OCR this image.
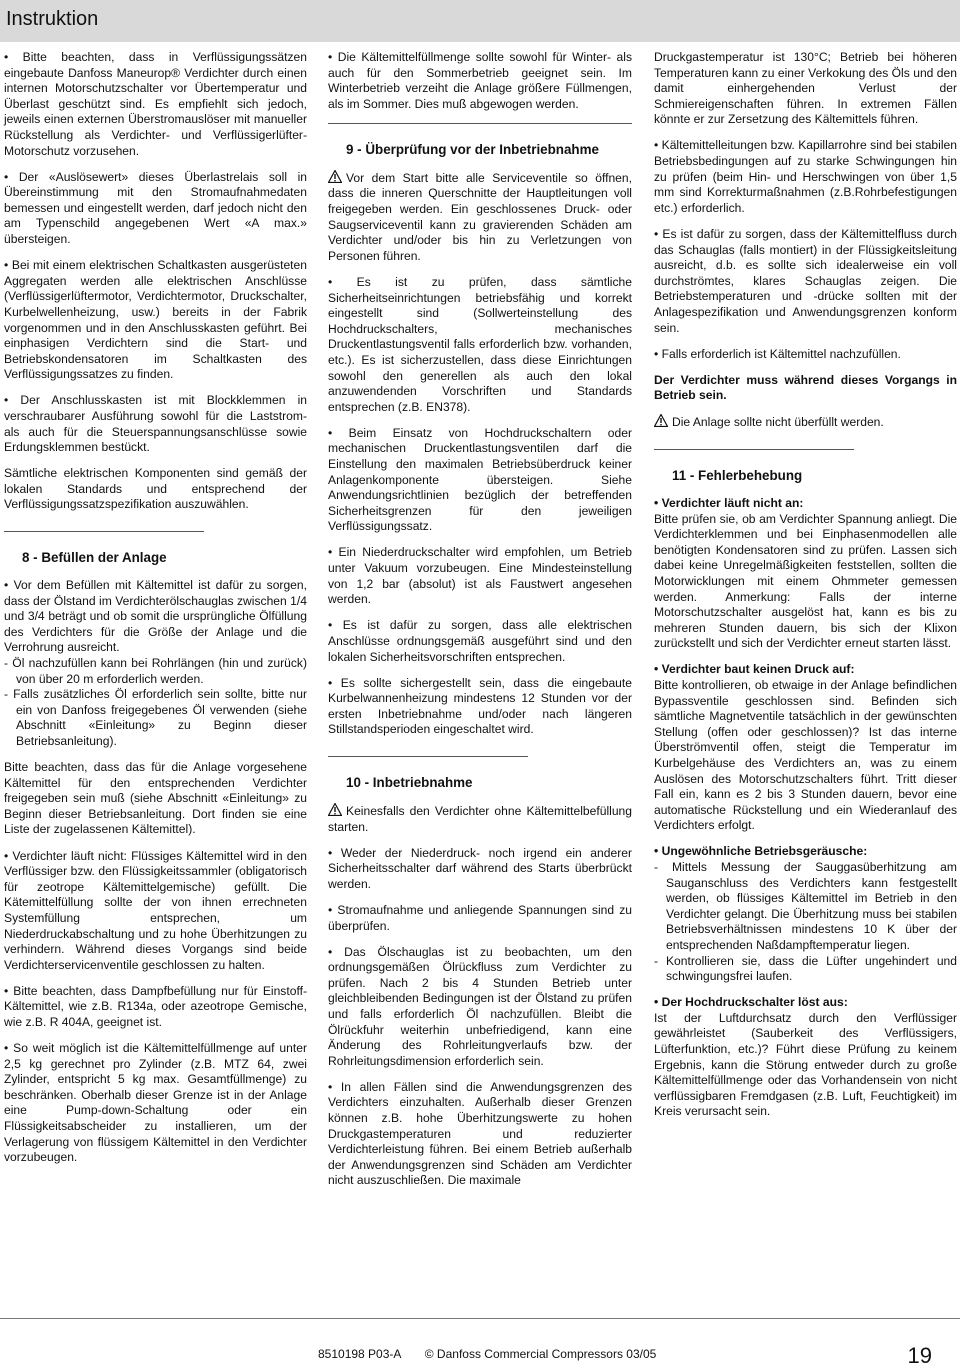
Instruktion

• Bitte beachten, dass in Verflüssigungssätzen eingebaute Danfoss Maneurop® Verdichter durch einen internen Motorschutzschalter vor Übertemperatur und Überlast geschützt sind. Es empfiehlt sich jedoch, jeweils einen externen Überstromauslöser mit manueller Rückstellung als Verdichter- und Verflüssigerlüfter-Motorschutz vorzusehen.

• Der «Auslösewert» dieses Überlastrelais soll in Übereinstimmung mit den Stromaufnahmedaten bemessen und eingestellt werden, darf jedoch nicht den am Typenschild angegebenen Wert «A max.» übersteigen.

• Bei mit einem elektrischen Schaltkasten ausgerüsteten Aggregaten werden alle elektrischen Anschlüsse (Verflüssigerlüftermotor, Verdichtermotor, Druckschalter, Kurbelwellenheizung, usw.) bereits in der Fabrik vorgenommen und in den Anschlusskasten geführt. Bei einphasigen Verdichtern sind die Start- und Betriebskondensatoren im Schaltkasten des Verflüssigungssatzes zu finden.

• Der Anschlusskasten ist mit Blockklemmen in verschraubarer Ausführung sowohl für die Laststrom- als auch für die Steuerspannungsanschlüsse sowie Erdungsklemmen bestückt.

Sämtliche elektrischen Komponenten sind gemäß der lokalen Standards und entsprechend der Verflüssigungssatzspezifikation auszuwählen.

8 - Befüllen der Anlage

• Vor dem Befüllen mit Kältemittel ist dafür zu sorgen, dass der Ölstand im Verdichterölschauglas zwischen 1/4 und 3/4 beträgt und ob somit die ursprüngliche Ölfüllung des Verdichters für die Größe der Anlage und die Verrohrung ausreicht.

- Öl nachzufüllen kann bei Rohrlängen (hin und zurück) von über 20 m erforderlich werden.

- Falls zusätzliches Öl erforderlich sein sollte, bitte nur ein von Danfoss freigegebenes Öl verwenden (siehe Abschnitt «Einleitung» zu Beginn dieser Betriebsanleitung).

Bitte beachten, dass das für die Anlage vorgesehene Kältemittel für den entsprechenden Verdichter freigegeben sein muß (siehe Abschnitt «Einleitung» zu Beginn dieser Betriebsanleitung. Dort finden sie eine Liste der zugelassenen Kältemittel).

• Verdichter läuft nicht: Flüssiges Kältemittel wird in den Verflüssiger bzw. den Flüssigkeitssammler (obligatorisch für zeotrope Kältemittelgemische) gefüllt. Die Kätemittelfüllung sollte der von ihnen errechneten Systemfüllung entsprechen, um Niederdruckabschaltung und zu hohe Überhitzungen zu verhindern. Während dieses Vorgangs sind beide Verdichterservicenventile geschlossen zu halten.

• Bitte beachten, dass Dampfbefüllung nur für Einstoff-Kältemittel, wie z.B. R134a, oder azeotrope Gemische, wie z.B. R 404A, geeignet ist.

• So weit möglich ist die Kältemittelfüllmenge auf unter 2,5 kg gerechnet pro Zylinder (z.B. MTZ 64, zwei Zylinder, entspricht 5 kg max. Gesamtfüllmenge) zu beschränken. Oberhalb dieser Grenze ist in der Anlage eine Pump-down-Schaltung oder ein Flüssigkeitsabscheider zu installieren, um der Verlagerung von flüssigem Kältemittel in den Verdichter vorzubeugen.

• Die Kältemittelfüllmenge sollte sowohl für Winter- als auch für den Sommerbetrieb geeignet sein. Im Winterbetrieb verzeiht die Anlage größere Füllmengen, als im Sommer. Dies muß abgewogen werden.

9 - Überprüfung vor der Inbetriebnahme

Vor dem Start bitte alle Serviceventile so öffnen, dass die inneren Querschnitte der Hauptleitungen voll freigegeben werden. Ein geschlossenes Druck- oder Saugserviceventil kann zu gravierenden Schäden am Verdichter und/oder bis hin zu Verletzungen von Personen führen.

• Es ist zu prüfen, dass sämtliche Sicherheitseinrichtungen betriebsfähig und korrekt eingestellt sind (Sollwerteinstellung des Hochdruckschalters, mechanisches Druckentlastungsventil falls erforderlich bzw. vorhanden, etc.). Es ist sicherzustellen, dass diese Einrichtungen sowohl den generellen als auch den lokal anzuwendenden Vorschriften und Standards entsprechen (z.B. EN378).

• Beim Einsatz von Hochdruckschaltern oder mechanischen Druckentlastungsventilen darf die Einstellung den maximalen Betriebsüberdruck keiner Anlagenkomponente übersteigen. Siehe Anwendungsrichtlinien bezüglich der betreffenden Sicherheitsgrenzen für den jeweiligen Verflüssigungssatz.

• Ein Niederdruckschalter wird empfohlen, um Betrieb unter Vakuum vorzubeugen. Eine Mindesteinstellung von 1,2 bar (absolut) ist als Faustwert angesehen werden.

• Es ist dafür zu sorgen, dass alle elektrischen Anschlüsse ordnungsgemäß ausgeführt sind und den lokalen Sicherheitsvorschriften entsprechen.

• Es sollte sichergestellt sein, dass die eingebaute Kurbelwannenheizung mindestens 12 Stunden vor der ersten Inbetriebnahme und/oder nach längeren Stillstandsperioden eingeschaltet wird.

10 - Inbetriebnahme

Keinesfalls den Verdichter ohne Kältemittelbefüllung starten.

• Weder der Niederdruck- noch irgend ein anderer Sicherheitsschalter darf während des Starts überbrückt werden.

• Stromaufnahme und anliegende Spannungen sind zu überprüfen.

• Das Ölschauglas ist zu beobachten, um den ordnungsgemäßen Ölrückfluss zum Verdichter zu prüfen. Nach 2 bis 4 Stunden Betrieb unter gleichbleibenden Bedingungen ist der Ölstand zu prüfen und falls erforderlich Öl nachzufüllen. Bleibt die Ölrückfuhr weiterhin unbefriedigend, kann eine Änderung des Rohrleitungverlaufs bzw. der Rohrleitungsdimension erforderlich sein.

• In allen Fällen sind die Anwendungsgrenzen des Verdichters einzuhalten. Außerhalb dieser Grenzen können z.B. hohe Überhitzungswerte zu hohen Druckgastemperaturen und reduzierter Verdichterleistung führen. Bei einem Betrieb außerhalb der Anwendungsgrenzen sind Schäden am Verdichter nicht auszuschließen. Die maximale

Druckgastemperatur ist 130°C; Betrieb bei höheren Temperaturen kann zu einer Verkokung des Öls und den damit einhergehenden Verlust der Schmiereigenschaften führen. In extremen Fällen könnte er zur Zersetzung des Kältemittels führen.

• Kältemittelleitungen bzw. Kapillarrohre sind bei stabilen Betriebsbedingungen auf zu starke Schwingungen hin zu prüfen (beim Hin- und Herschwingen von über 1,5 mm sind Korrekturmaßnahmen (z.B.Rohrbefestigungen etc.) erforderlich.

• Es ist dafür zu sorgen, dass der Kältemittelfluss durch das Schauglas (falls montiert) in der Flüssigkeitsleitung ausreicht, d.b. es sollte sich idealerweise ein voll durchströmtes, klares Schauglas zeigen. Die Betriebstemperaturen und -drücke sollten mit der Anlagespezifikation und Anwendungsgrenzen konform sein.

• Falls erforderlich ist Kältemittel nachzufüllen.

Der Verdichter muss während dieses Vorgangs in Betrieb sein.

Die Anlage sollte nicht überfüllt werden.

11 - Fehlerbehebung

• Verdichter läuft nicht an:

Bitte prüfen sie, ob am Verdichter Spannung anliegt. Die Verdichterklemmen und bei Einphasenmodellen alle benötigten Kondensatoren sind zu prüfen. Lassen sich dabei keine Unregelmäßigkeiten feststellen, sollten die Motorwicklungen mit einem Ohmmeter gemessen werden. Anmerkung: Falls der interne Motorschutzschalter ausgelöst hat, kann es bis zu mehreren Stunden dauern, bis sich der Klixon zurückstellt und sich der Verdichter erneut starten lässt.

• Verdichter baut keinen Druck auf:

Bitte kontrollieren, ob etwaige in der Anlage befindlichen Bypassventile geschlossen sind. Befinden sich sämtliche Magnetventile tatsächlich in der gewünschten Stellung (offen oder geschlossen)? Ist das interne Überströmventil offen, steigt die Temperatur im Kurbelgehäuse des Verdichters an, was zu einem Auslösen des Motorschutzschalters führt. Tritt dieser Fall ein, kann es 2 bis 3 Stunden dauern, bevor eine automatische Rückstellung und ein Wiederanlauf des Verdichters erfolgt.

• Ungewöhnliche Betriebsgeräusche:

- Mittels Messung der Sauggasüberhitzung am Sauganschluss des Verdichters kann festgestellt werden, ob flüssiges Kältemittel im Betrieb in den Verdichter gelangt. Die Überhitzung muss bei stabilen Betriebsverhältnissen mindestens 10 K über der entsprechenden Naßdampftemperatur liegen.

- Kontrollieren sie, dass die Lüfter ungehindert und schwingungsfrei laufen.

• Der Hochdruckschalter löst aus:

Ist der Luftdurchsatz durch den Verflüssiger gewährleistet (Sauberkeit des Verflüssigers, Lüfterfunktion, etc.)? Führt diese Prüfung zu keinem Ergebnis, kann die Störung entweder durch zu große Kältemittelfüllmenge oder das Vorhandensein von nicht verflüssigbaren Fremdgasen (z.B. Luft, Feuchtigkeit) im Kreis verursacht sein.

8510198 P03-A © Danfoss Commercial Compressors 03/05	19
